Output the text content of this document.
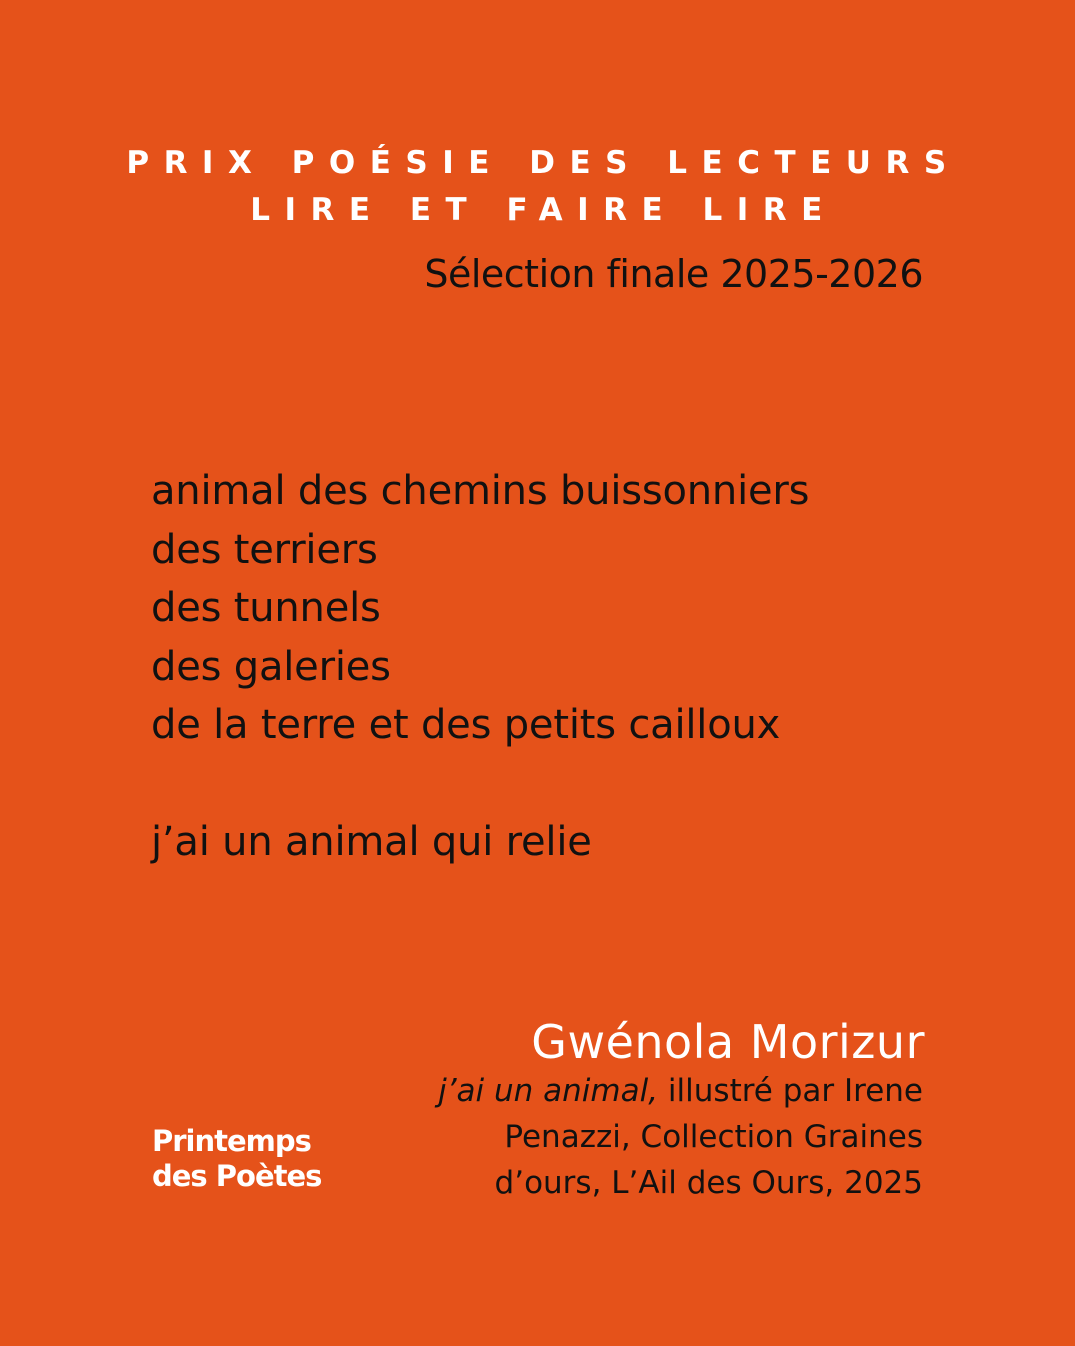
PRIX POÉSIE DES LECTEURS
LIRE ET FAIRE LIRE
Sélection finale 2025-2026

animal des chemins buissonniers
des terriers
des tunnels
des galeries
de la terre et des petits cailloux

j’ai un animal qui relie

Gwénola Morizur
j’ai un animal, illustré par Irene Penazzi, Collection Graines d’ours, L’Ail des Ours, 2025
Printemps
des Poètes
